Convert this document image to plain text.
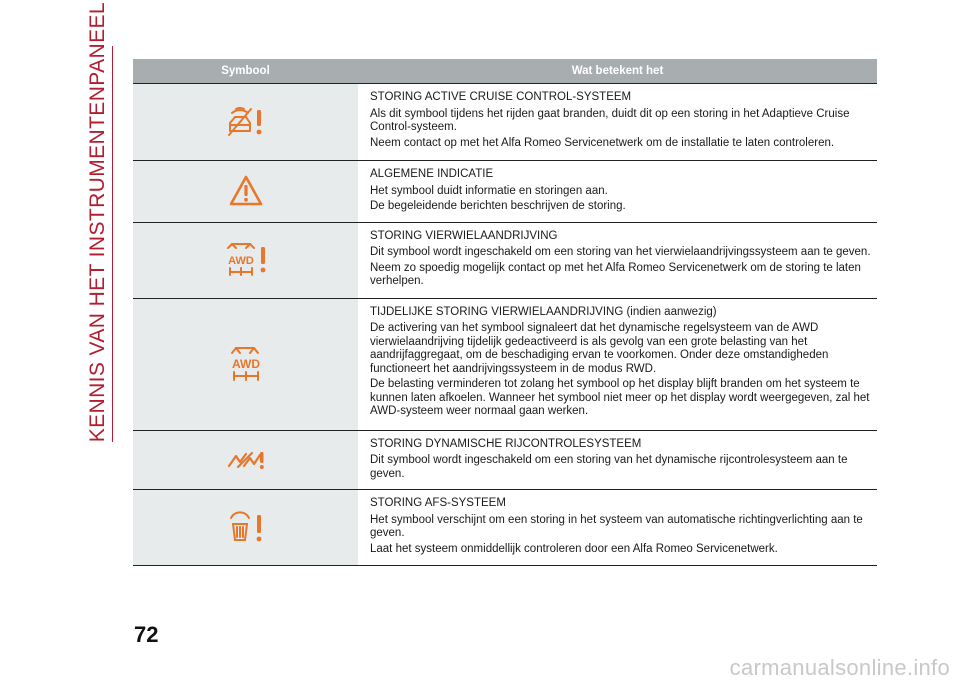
KENNIS VAN HET INSTRUMENTENPANEEL	Symbool	Wat betekent het

STORING ACTIVE CRUISE CONTROL-SYSTEEM
Als dit symbool tijdens het rijden gaat branden, duidt dit op een storing in het Adaptieve Cruise Control-systeem.
Neem contact op met het Alfa Romeo Servicenetwerk om de installatie te laten controleren.

ALGEMENE INDICATIE
Het symbool duidt informatie en storingen aan.
De begeleidende berichten beschrijven de storing.

AWD	STORING VIERWIELAANDRIJVING
Dit symbool wordt ingeschakeld om een storing van het vierwielaandrijvingssysteem aan te geven.
Neem zo spoedig mogelijk contact op met het Alfa Romeo Servicenetwerk om de storing te laten verhelpen.

AWD	TIJDELIJKE STORING VIERWIELAANDRIJVING (indien aanwezig)
De activering van het symbool signaleert dat het dynamische regelsysteem van de AWD vierwielaandrijving tijdelijk gedeactiveerd is als gevolg van een grote belasting van het aandrijfaggregaat, om de beschadiging ervan te voorkomen. Onder deze omstandigheden functioneert het aandrijvingssysteem in de modus RWD.
De belasting verminderen tot zolang het symbool op het display blijft branden om het systeem te kunnen laten afkoelen. Wanneer het symbool niet meer op het display wordt weergegeven, zal het AWD-systeem weer normaal gaan werken.

STORING DYNAMISCHE RIJCONTROLESYSTEEM
Dit symbool wordt ingeschakeld om een storing van het dynamische rijcontrolesysteem aan te geven.

STORING AFS-SYSTEEM
Het symbool verschijnt om een storing in het systeem van automatische richtingverlichting aan te geven.
Laat het systeem onmiddellijk controleren door een Alfa Romeo Servicenetwerk.
72
carmanualsonline.info
